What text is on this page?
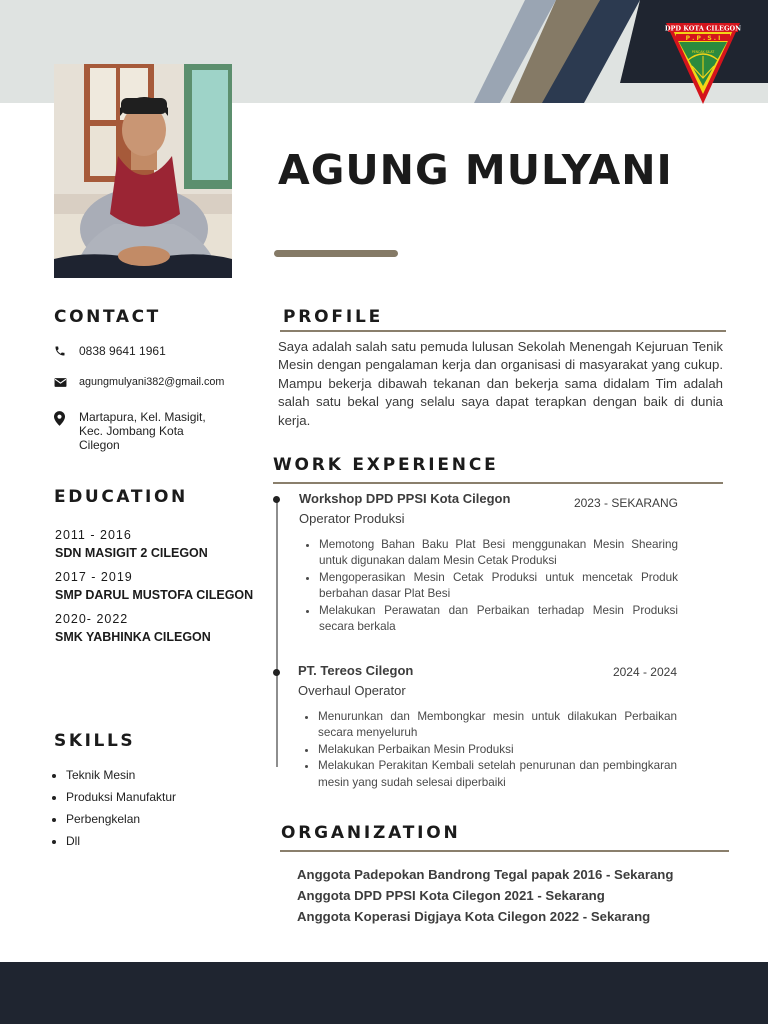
DPD KOTA CILEGON
P . P . S . I
PENCAK SILAT
AGUNG MULYANI
CONTACT
0838 9641 1961
agungmulyani382@gmail.com
Martapura, Kel. Masigit,
Kec. Jombang Kota
Cilegon
EDUCATION
2011 - 2016
SDN MASIGIT 2 CILEGON
2017 - 2019
SMP DARUL MUSTOFA CILEGON
2020- 2022
SMK YABHINKA CILEGON
SKILLS
• Teknik Mesin
• Produksi Manufaktur
• Perbengkelan
• Dll
PROFILE
Saya adalah salah satu pemuda lulusan Sekolah Menengah Kejuruan Tenik Mesin dengan pengalaman kerja dan organisasi di masyarakat yang cukup. Mampu bekerja dibawah tekanan dan bekerja sama didalam Tim adalah salah satu bekal yang selalu saya dapat terapkan dengan baik di dunia kerja.
WORK EXPERIENCE
Workshop DPD PPSI Kota Cilegon	2023 - SEKARANG
Operator Produksi
• Memotong Bahan Baku Plat Besi menggunakan Mesin Shearing untuk digunakan dalam Mesin Cetak Produksi
• Mengoperasikan Mesin Cetak Produksi untuk mencetak Produk berbahan dasar Plat Besi
• Melakukan Perawatan dan Perbaikan terhadap Mesin Produksi secara berkala
PT. Tereos Cilegon	2024 - 2024
Overhaul Operator
• Menurunkan dan Membongkar mesin untuk dilakukan Perbaikan secara menyeluruh
• Melakukan Perbaikan Mesin Produksi
• Melakukan Perakitan Kembali setelah penurunan dan pembingkaran mesin yang sudah selesai diperbaiki
ORGANIZATION
Anggota Padepokan Bandrong Tegal papak 2016 - Sekarang
Anggota DPD PPSI Kota Cilegon 2021 - Sekarang
Anggota Koperasi Digjaya Kota Cilegon 2022 - Sekarang
